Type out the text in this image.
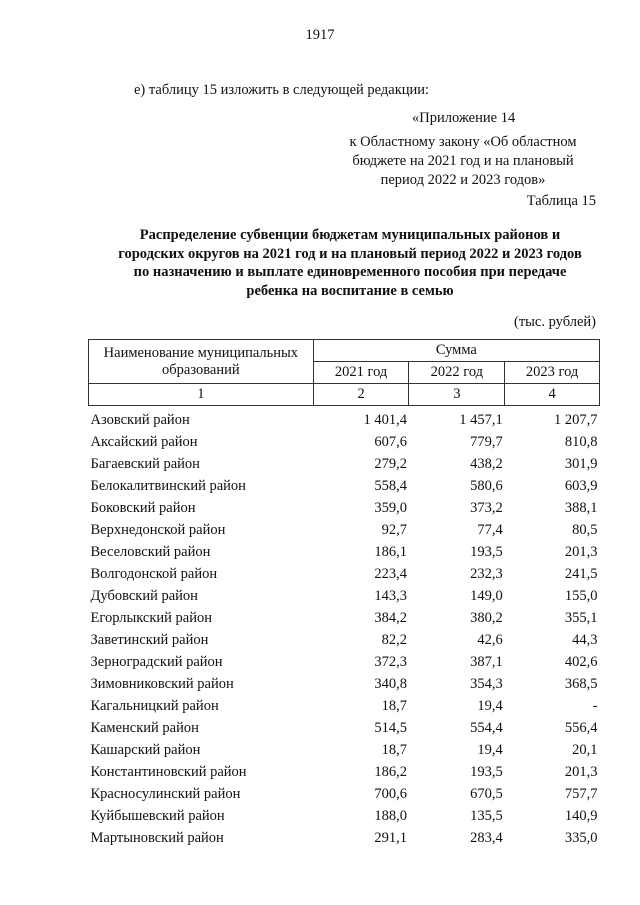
1917
е) таблицу 15 изложить в следующей редакции:
«Приложение 14
к Областному закону «Об областном
бюджете на 2021 год и на плановый
период 2022 и 2023 годов»
Таблица 15
Распределение субвенции бюджетам муниципальных районов и
городских округов на 2021 год и на плановый период 2022 и 2023 годов
по назначению и выплате единовременного пособия при передаче
ребенка на воспитание в семью
(тыс. рублей)
Наименование муниципальных образований	Сумма		
	2021 год	2022 год	2023 год
1	2	3	4
Азовский район	1 401,4	1 457,1	1 207,7
Аксайский район	607,6	779,7	810,8
Багаевский район	279,2	438,2	301,9
Белокалитвинский район	558,4	580,6	603,9
Боковский район	359,0	373,2	388,1
Верхнедонской район	92,7	77,4	80,5
Веселовский район	186,1	193,5	201,3
Волгодонской район	223,4	232,3	241,5
Дубовский район	143,3	149,0	155,0
Егорлыкский район	384,2	380,2	355,1
Заветинский район	82,2	42,6	44,3
Зерноградский район	372,3	387,1	402,6
Зимовниковский район	340,8	354,3	368,5
Кагальницкий район	18,7	19,4	-
Каменский район	514,5	554,4	556,4
Кашарский район	18,7	19,4	20,1
Константиновский район	186,2	193,5	201,3
Красносулинский район	700,6	670,5	757,7
Куйбышевский район	188,0	135,5	140,9
Мартыновский район	291,1	283,4	335,0
